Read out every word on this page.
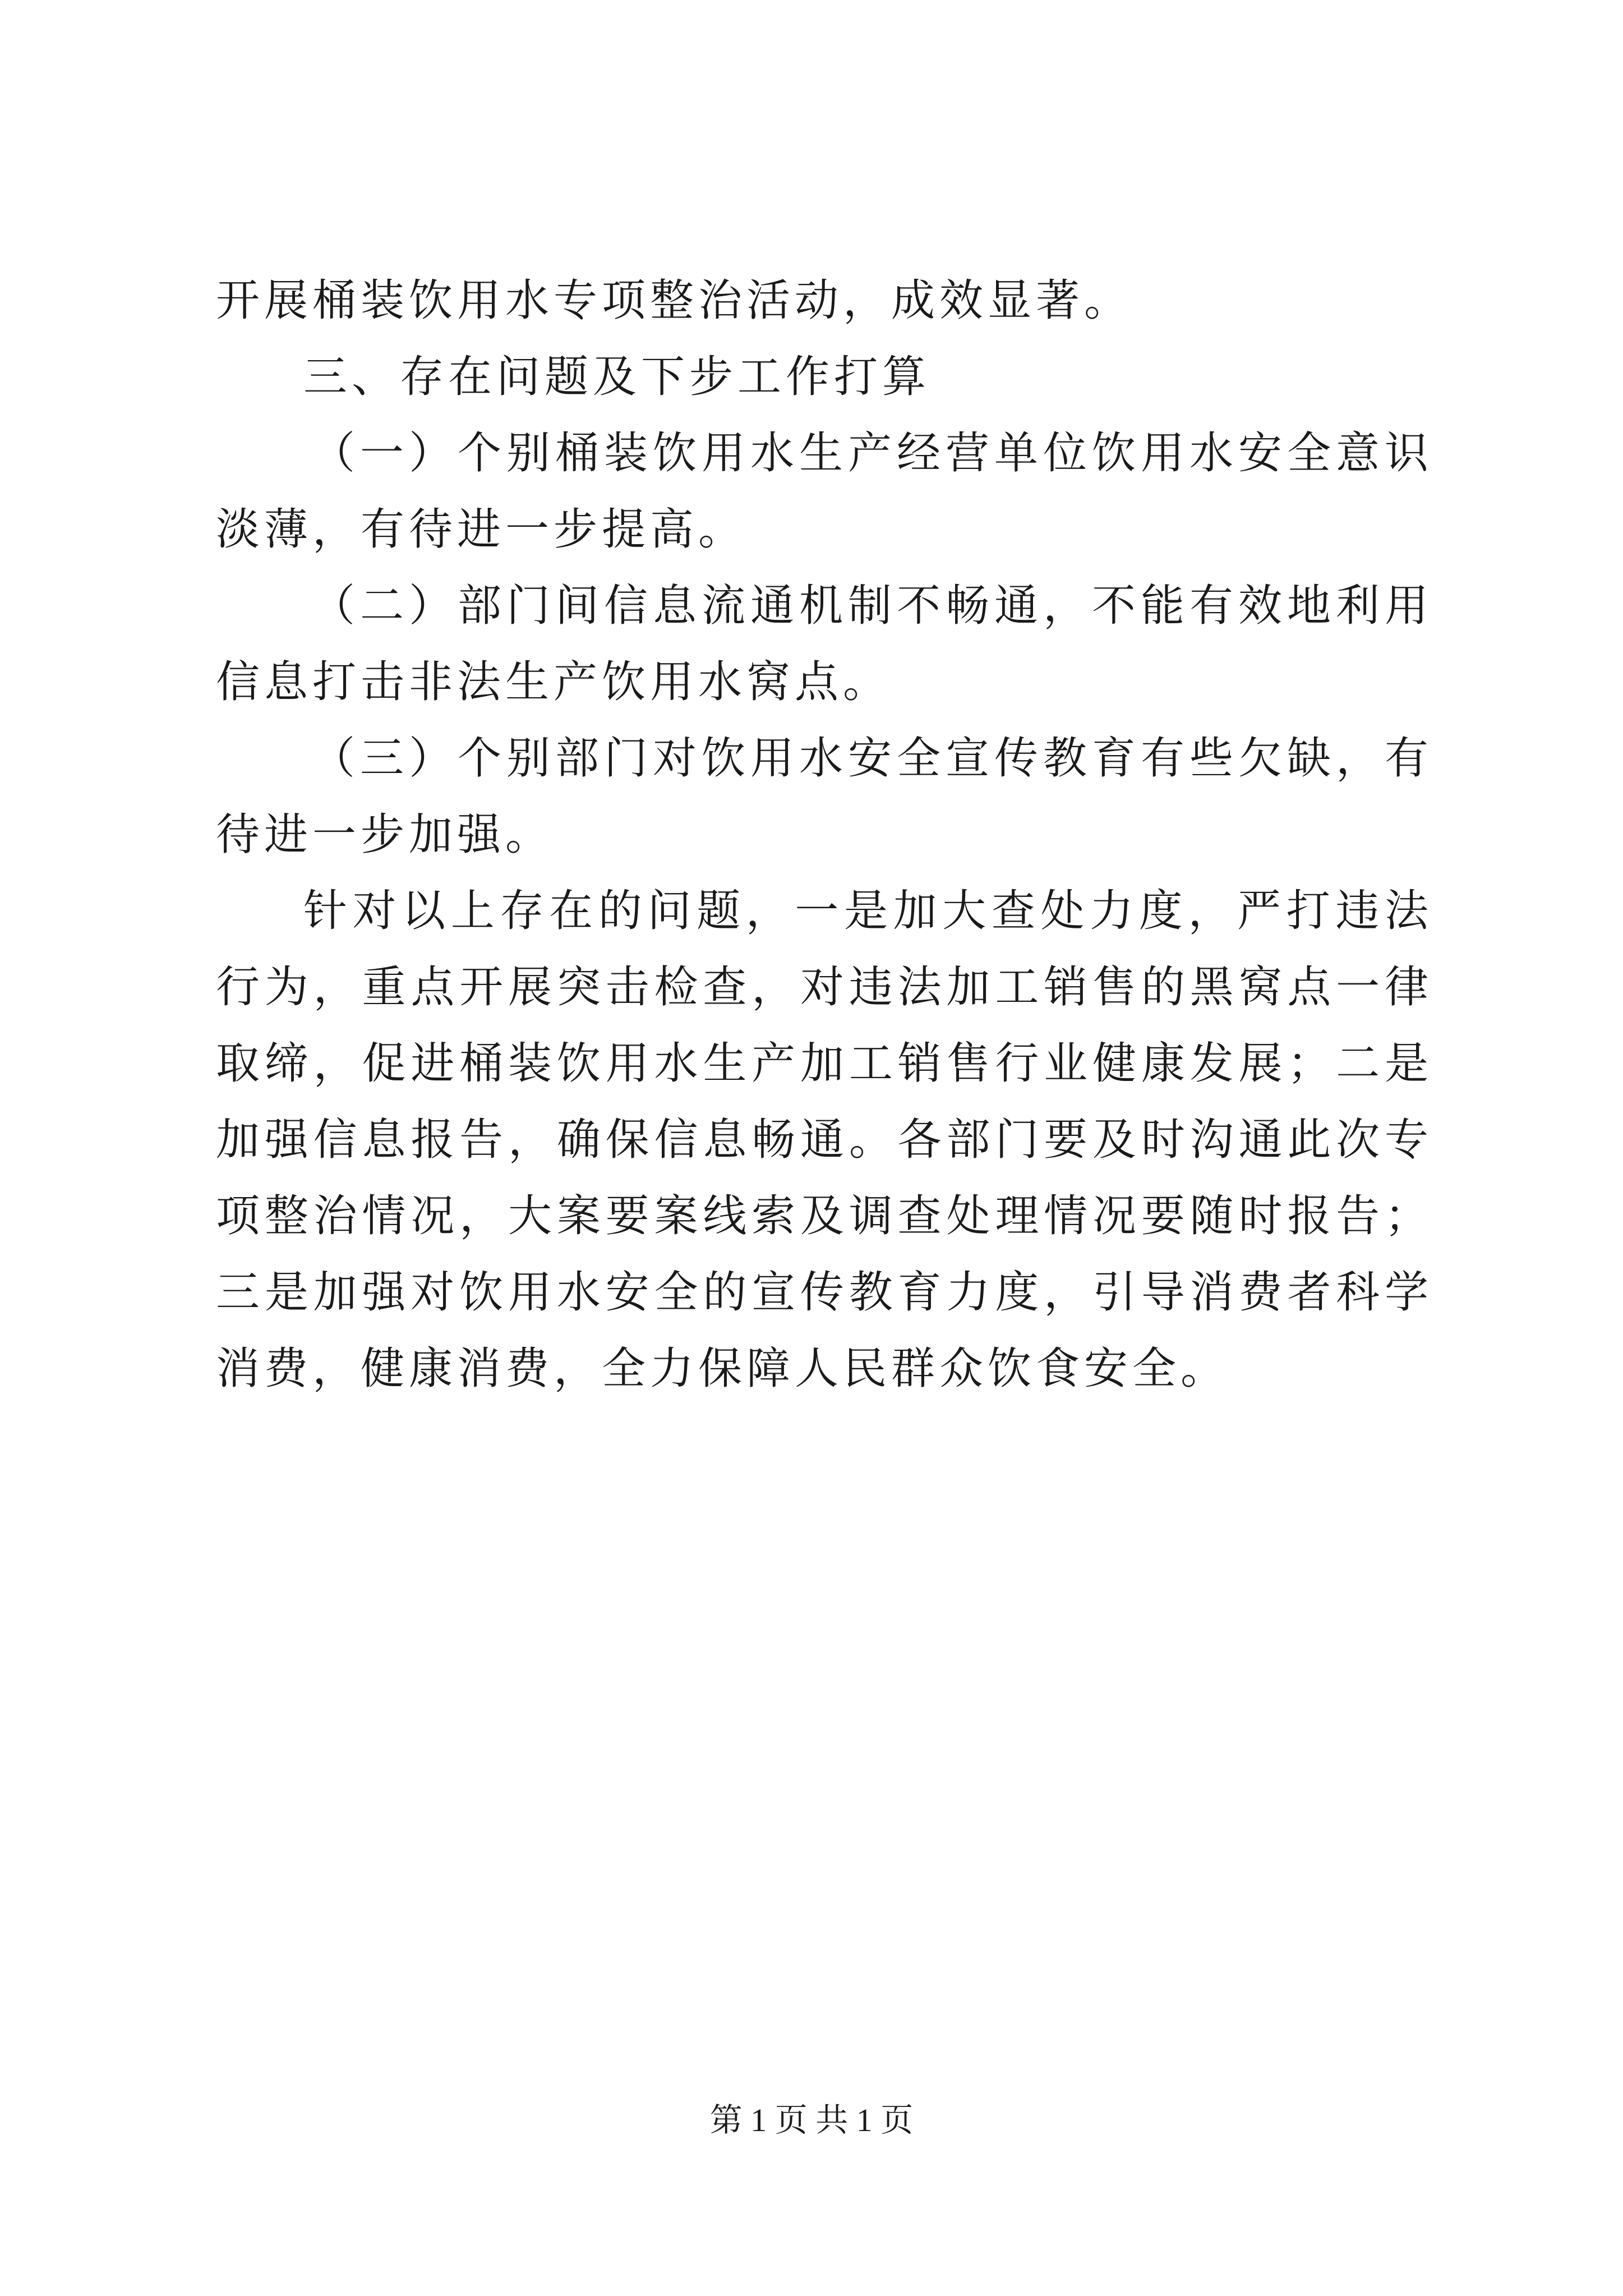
开展桶装饮用水专项整治活动，成效显著。

三、存在问题及下步工作打算

（一）个别桶装饮用水生产经营单位饮用水安全意识淡薄，有待进一步提高。

（二）部门间信息流通机制不畅通，不能有效地利用信息打击非法生产饮用水窝点。

（三）个别部门对饮用水安全宣传教育有些欠缺，有待进一步加强。

针对以上存在的问题，一是加大查处力度，严打违法行为，重点开展突击检查，对违法加工销售的黑窝点一律取缔，促进桶装饮用水生产加工销售行业健康发展；二是加强信息报告，确保信息畅通。各部门要及时沟通此次专项整治情况，大案要案线索及调查处理情况要随时报告；三是加强对饮用水安全的宣传教育力度，引导消费者科学消费，健康消费，全力保障人民群众饮食安全。

第 1 页 共 1 页
